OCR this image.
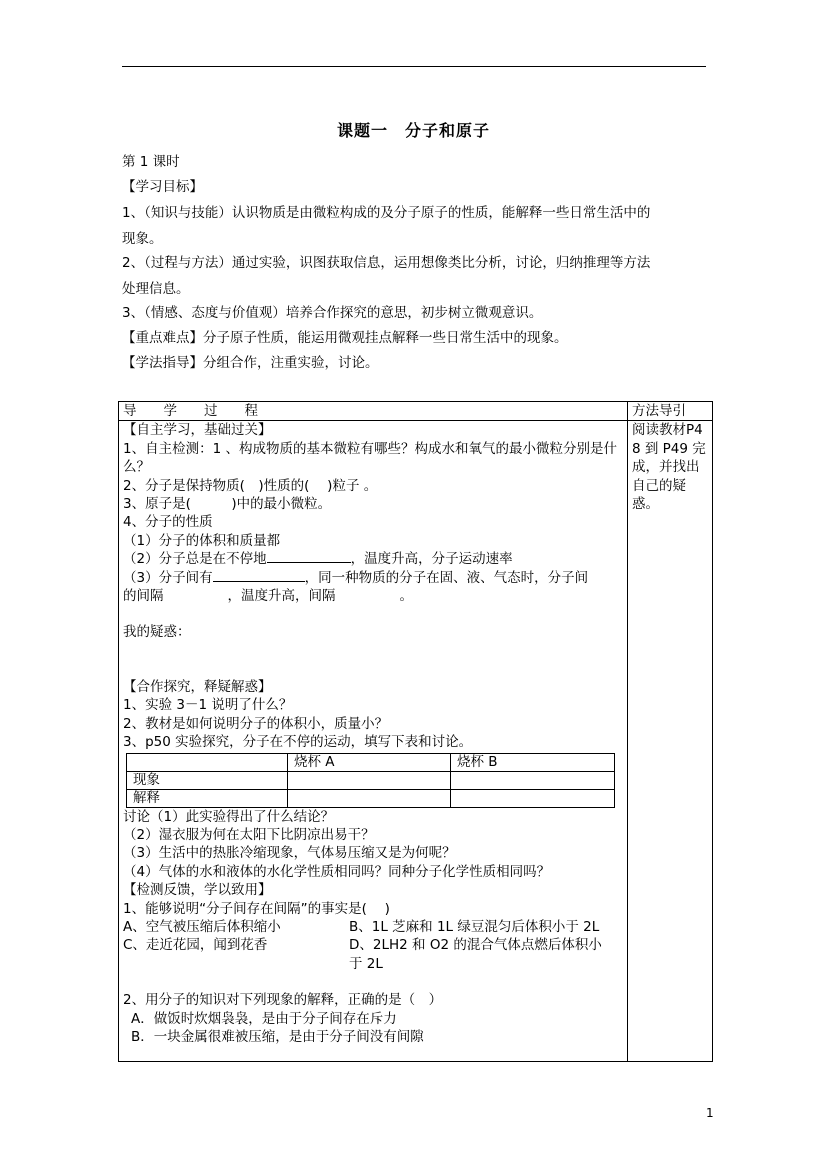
课题一　分子和原子
第 1 课时
【学习目标】
1、（知识与技能）认识物质是由微粒构成的及分子原子的性质，能解释一些日常生活中的
现象。
2、（过程与方法）通过实验，识图获取信息，运用想像类比分析，讨论，归纳推理等方法
处理信息。
3、（情感、态度与价值观）培养合作探究的意思，初步树立微观意识。
【重点难点】分子原子性质，能运用微观挂点解释一些日常生活中的现象。
【学法指导】分组合作，注重实验，讨论。
导　　学　　过　　程	方法导引

【自主学习，基础过关】
1、自主检测：1 、构成物质的基本微粒有哪些？构成水和氧气的最小微粒分别是什么？
2、分子是保持物质(　)性质的(　 )粒子 。
3、原子是(　　　)中的最小微粒。
4、分子的性质
（1）分子的体积和质量都
（2）分子总是在不停地	，温度升高，分子运动速率
（3）分子间有	，同一种物质的分子在固、液、气态时，分子间
的间隔	，温度升高，间隔	。
我的疑惑：
【合作探究，释疑解惑】
1、实验 3－1 说明了什么？
2、教材是如何说明分子的体积小，质量小？
3、p50 实验探究，分子在不停的运动，填写下表和讨论。
	烧杯 A	烧杯 B
现象		
解释		
讨论（1）此实验得出了什么结论？
（2）湿衣服为何在太阳下比阴凉出易干？
（3）生活中的热胀冷缩现象，气体易压缩又是为何呢？
（4）气体的水和液体的水化学性质相同吗？同种分子化学性质相同吗？
【检测反馈，学以致用】
1、能够说明“分子间存在间隔”的事实是(　 )
A、空气被压缩后体积缩小	B、1L 芝麻和 1L 绿豆混匀后体积小于 2L
C、走近花园，闻到花香	D、2LH2 和 O2 的混合气体点燃后体积小于 2L
2、用分子的知识对下列现象的解释，正确的是（　）
A．做饭时炊烟袅袅，是由于分子间存在斥力
B．一块金属很难被压缩，是由于分子间没有间隙

阅读教材P48 到 P49 完成，并找出自己的疑惑。
1
